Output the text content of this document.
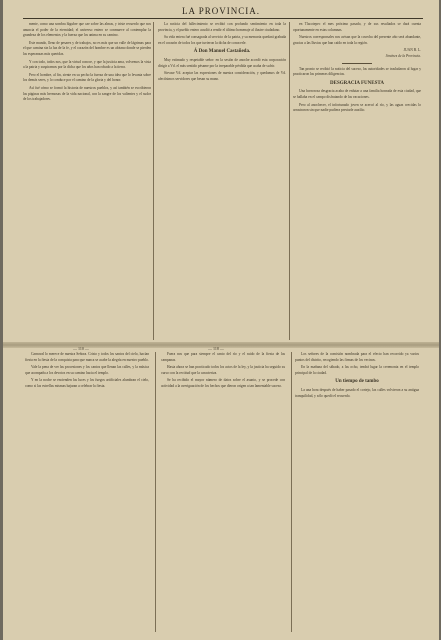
LA PROVINCIA.

mente, como una sombra lúgubre que cae sobre las almas, y triste recuerdo que nos anuncia el poder de la eternidad; el universo entero se conmueve al contemplar la grandeza de los elementos y la fuerza que los anima en su camino.

Este mundo, lleno de pesares y de trabajos, no es más que un valle de lágrimas para el que camina sin la luz de la fe, y el corazón del hombre es un abismo donde se pierden las esperanzas más queridas.

Y con todo, todos nos, que la virtud conoce, y que la justicia ama, volvemos la vista a la patria y suspiramos por la dicha que los años han robado a la tierra.

Pero el hombre, al fin, siente en su pecho la fuerza de una idea que lo levanta sobre los demás seres, y lo conduce por el camino de la gloria y del honor.

Así fué cómo se formó la historia de nuestros pueblos, y así también se escribieron las páginas más hermosas de la vida nacional, con la sangre de los valientes y el sudor de los trabajadores.

La noticia del fallecimiento se recibió con profundo sentimiento en toda la provincia, y el pueblo entero acudió a rendir el último homenaje al ilustre ciudadano.

Su vida entera fué consagrada al servicio de la patria, y su memoria quedará grabada en el corazón de todos los que tuvieron la dicha de conocerle.

Á Don Manuel Castañeda.

Muy estimado y respetable señor: en la sesión de anoche acordó esta corporación dirigir a Vd. el más sentido pésame por la irreparable pérdida que acaba de sufrir.

Sirvase Vd. aceptar las expresiones de nuestra consideración, y quedamos de Vd. afectísimos servidores que besan su mano.

en Tlacotepec el mes próximo pasado, y de sus resultados se dará cuenta oportunamente en estas columnas.

Nuestros corresponsales nos avisan que la cosecha del presente año será abundante, gracias a las lluvias que han caído en toda la región.

JUAN B. L.
Jiménez de la Provincia.

Tan pronto se recibió la noticia del suceso, las autoridades se trasladaron al lugar y practicaron las primeras diligencias.

DESGRACIA FUNESTA

Una horrorosa desgracia acaba de enlutar a una familia honrada de esta ciudad, que se hallaba en el campo disfrutando de las vacaciones.

Pero al anochecer, el infortunado joven se acercó al río, y las aguas crecidas lo arrastraron sin que nadie pudiera prestarle auxilio.

— 110 —	— 118 —

Carnaval lo merece de nuestra Señora. Cristo y todos los santos del cielo, hacían fiesta en la fiesta de la conquista para que nunca se acabe la alegría en nuestro pueblo.

Vale la pena de ver las procesiones y los cantos que llenan las calles, y la música que acompaña a los devotos en su camino hacia el templo.

Y en la noche se encienden las luces y los fuegos artificiales alumbran el cielo, como si las estrellas mismas bajaran a celebrar la fiesta.

Fuera nos que para siempre el canto del río y el ruido de la fiesta de las campanas.

Hasta ahora se han practicado todos los actos de la ley, y la justicia ha seguido su curso con la rectitud que la caracteriza.

Se ha recibido el mayor número de datos sobre el asunto, y se procede con actividad a la averiguación de los hechos que dieron origen a tan lamentable suceso.

Los señores de la comisión nombrada para el efecto han recorrido ya varios puntos del distrito, recogiendo las firmas de los vecinos.

En la mañana del sábado, a las ocho, tendrá lugar la ceremonia en el templo principal de la ciudad.

Un tiempo de tambo

La una hora después de haber pasado el cortejo, las calles volvieron a su antigua tranquilidad, y sólo quedó el recuerdo.
